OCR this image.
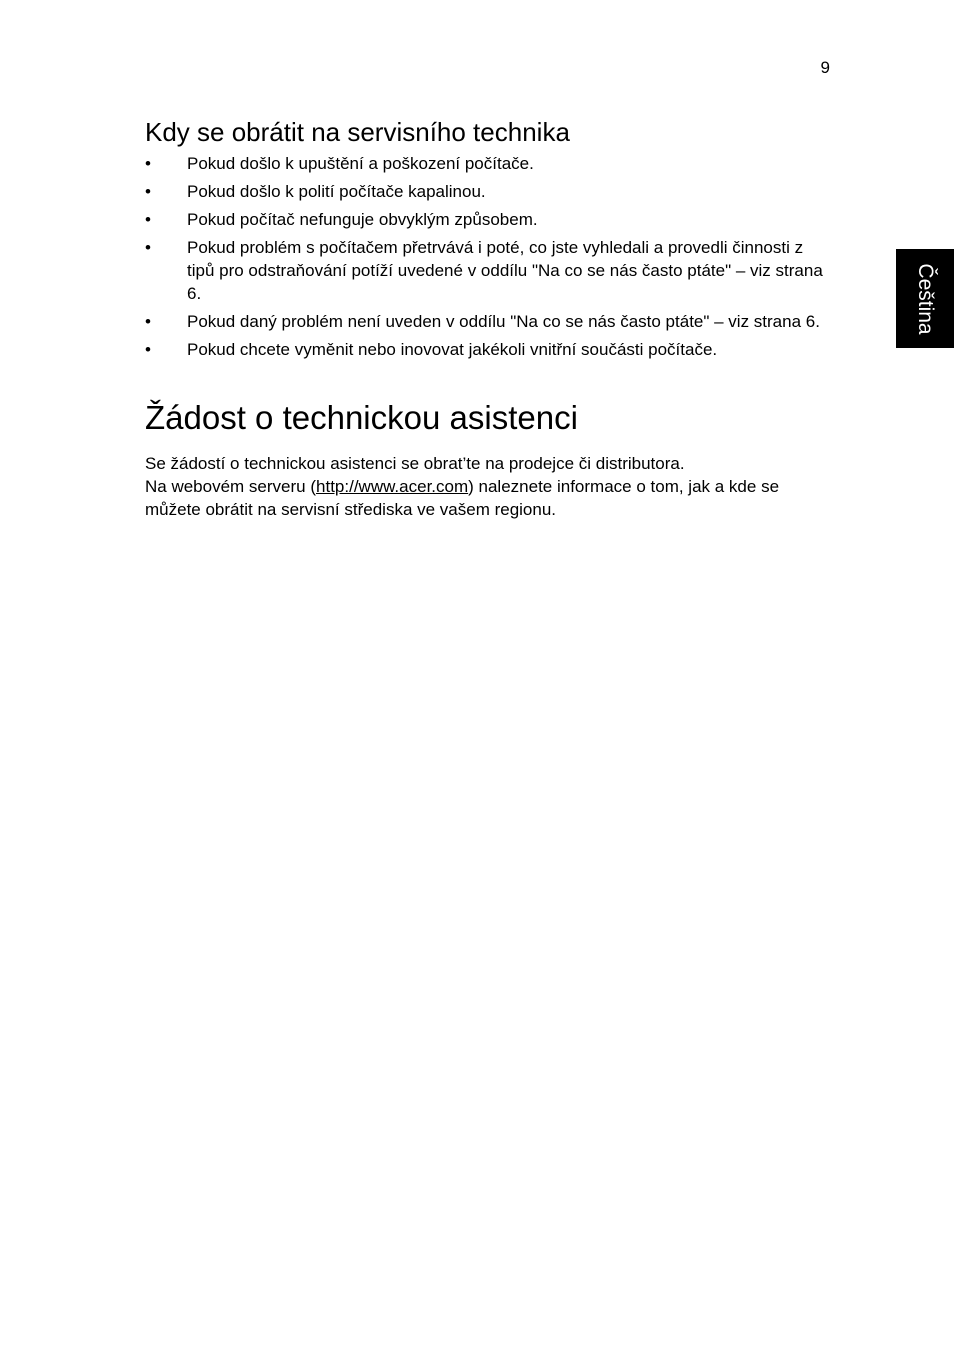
9
Čeština
Kdy se obrátit na servisního technika
• Pokud došlo k upuštění a poškození počítače.
• Pokud došlo k polití počítače kapalinou.
• Pokud počítač nefunguje obvyklým způsobem.
• Pokud problém s počítačem přetrvává i poté, co jste vyhledali a provedli činnosti z tipů pro odstraňování potíží uvedené v oddílu "Na co se nás často ptáte" – viz strana 6.
• Pokud daný problém není uveden v oddílu "Na co se nás často ptáte" – viz strana 6.
• Pokud chcete vyměnit nebo inovovat jakékoli vnitřní součásti počítače.
Žádost o technickou asistenci

Se žádostí o technickou asistenci se obrat’te na prodejce či distributora.
Na webovém serveru (http://www.acer.com) naleznete informace o tom, jak a kde se můžete obrátit na servisní střediska ve vašem regionu.
